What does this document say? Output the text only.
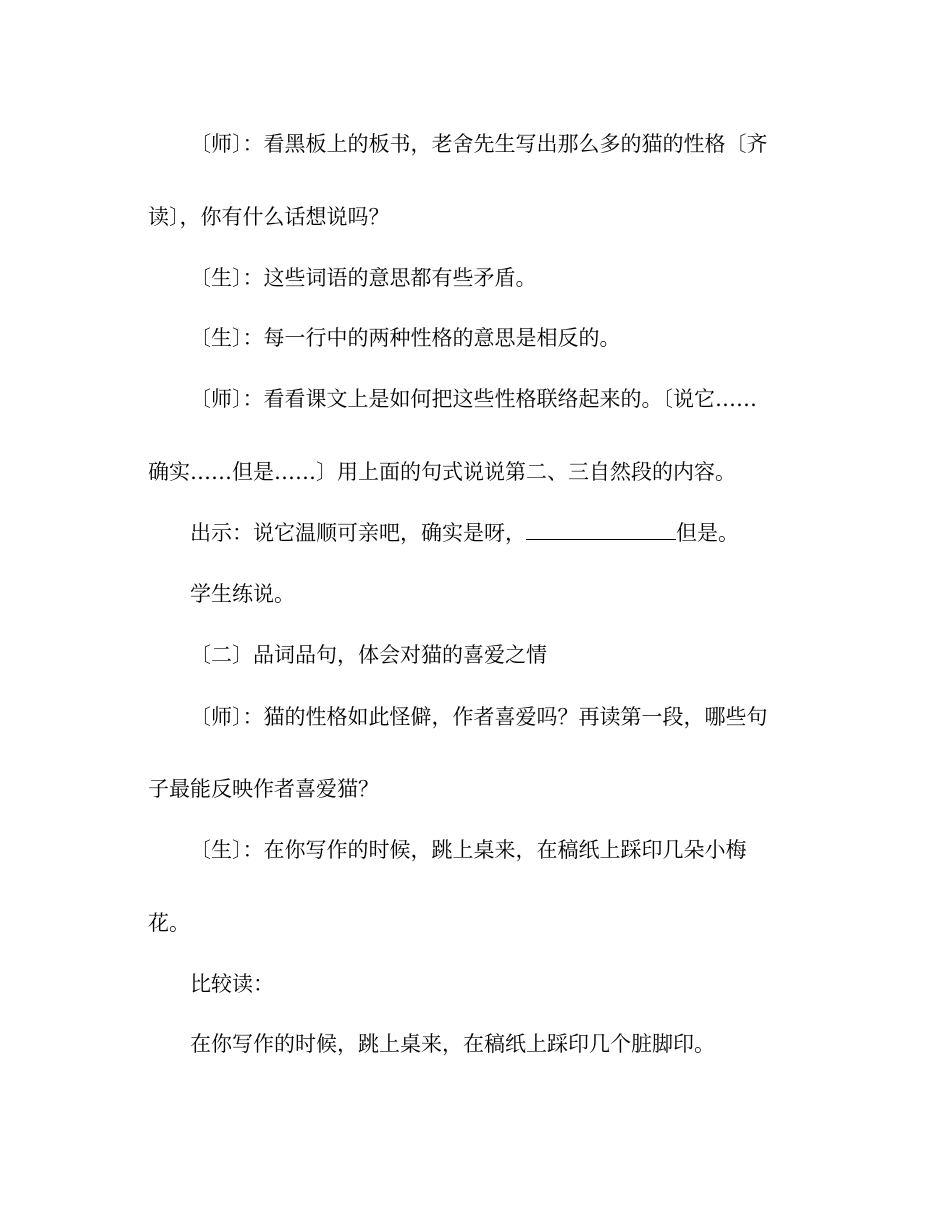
〔师〕：看黑板上的板书，老舍先生写出那么多的猫的性格〔齐
读〕，你有什么话想说吗？
〔生〕：这些词语的意思都有些矛盾。
〔生〕：每一行中的两种性格的意思是相反的。
〔师〕：看看课文上是如何把这些性格联络起来的。〔说它……
确实……但是……〕用上面的句式说说第二、三自然段的内容。
出示：说它温顺可亲吧，确实是呀，	但是。
学生练说。
〔二〕品词品句，体会对猫的喜爱之情
〔师〕：猫的性格如此怪僻，作者喜爱吗？再读第一段，哪些句
子最能反映作者喜爱猫？
〔生〕：在你写作的时候，跳上桌来，在稿纸上踩印几朵小梅
花。
比较读：
在你写作的时候，跳上桌来，在稿纸上踩印几个脏脚印。
